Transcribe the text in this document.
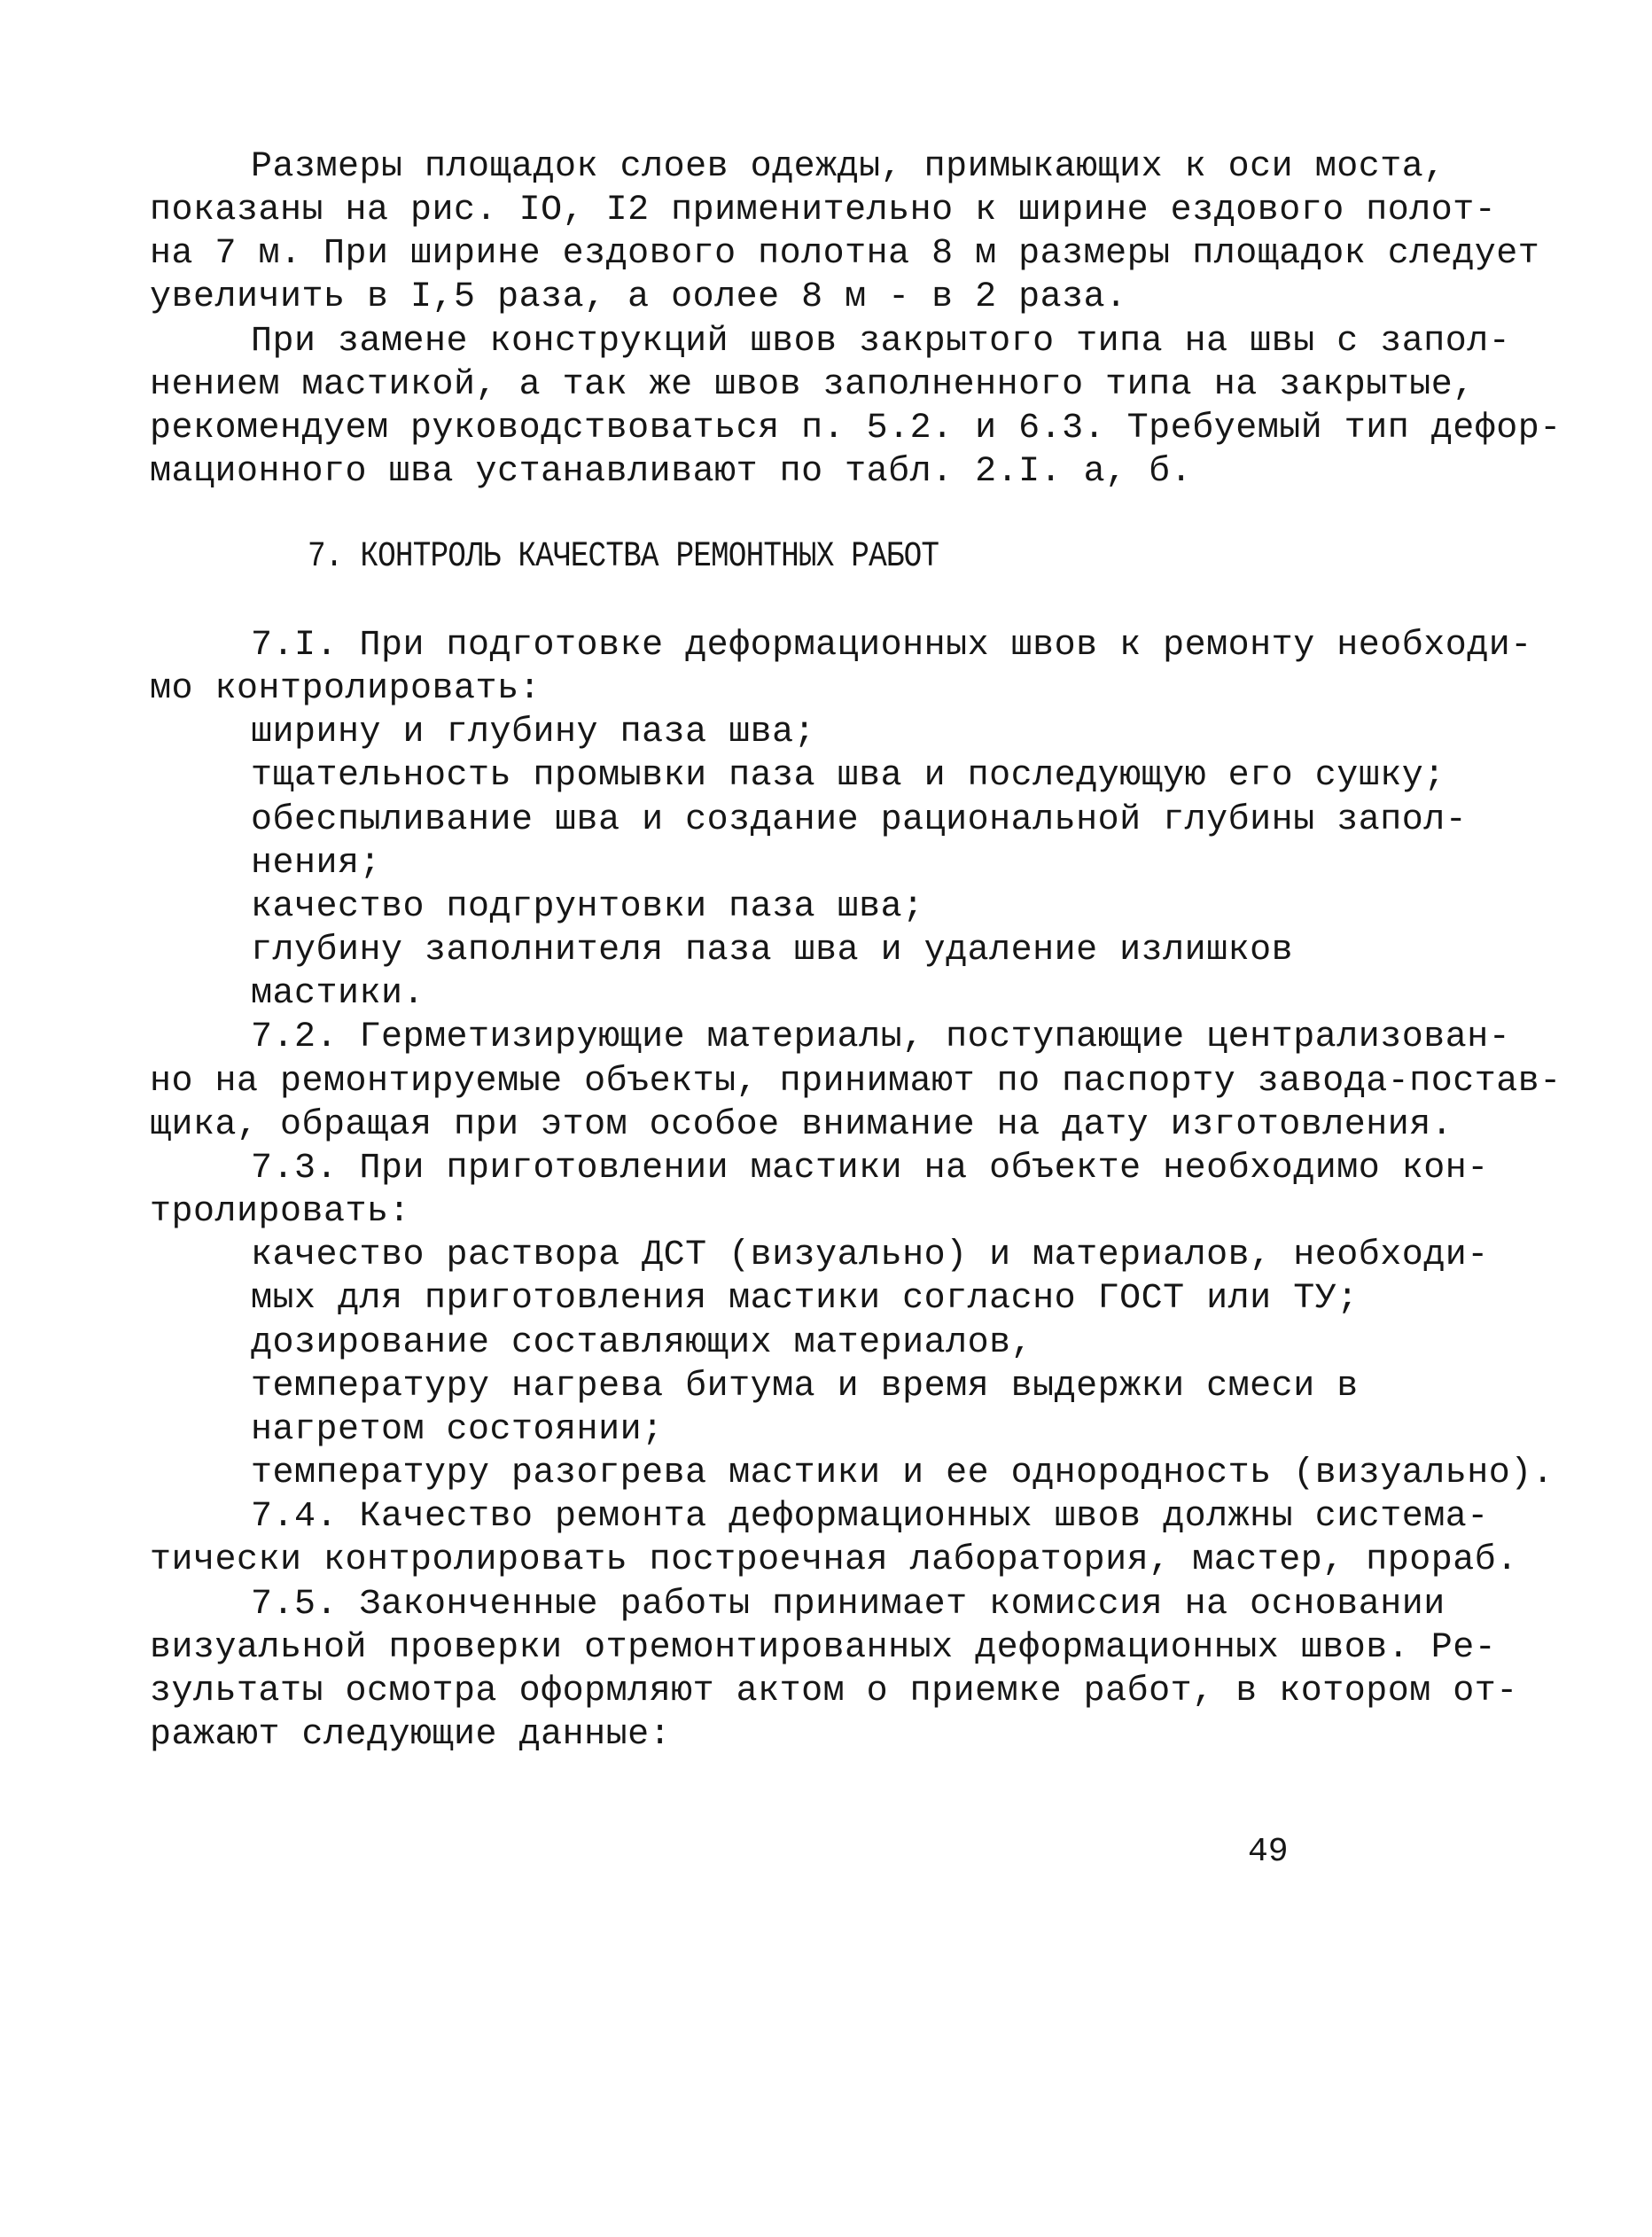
Размеры площадок слоев одежды, примыкающих к оси моста,

показаны на рис. IO, I2 применительно к ширине ездового полот-

на 7 м. При ширине ездового полотна 8 м размеры площадок следует

увеличить в I,5 раза, а оолее 8 м - в 2 раза.

При замене конструкций швов закрытого типа на швы с запол-

нением мастикой, а так же швов заполненного типа на закрытые,

рекомендуем руководствоваться п. 5.2. и 6.3. Требуемый тип дефор-

мационного шва устанавливают по табл. 2.I. а, б.

7. КОНТРОЛЬ КАЧЕСТВА РЕМОНТНЫХ РАБОТ

7.I. При подготовке деформационных швов к ремонту необходи-

мо контролировать:

ширину и глубину паза шва;

тщательность промывки паза шва и последующую его сушку;

обеспыливание шва и создание рациональной глубины запол-

нения;

качество подгрунтовки паза шва;

глубину заполнителя паза шва и удаление излишков

мастики.

7.2. Герметизирующие материалы, поступающие централизован-

но на ремонтируемые объекты, принимают по паспорту завода-постав-

щика, обращая при этом особое внимание на дату изготовления.

7.3. При приготовлении мастики на объекте необходимо кон-

тролировать:

качество раствора ДСТ (визуально) и материалов, необходи-

мых для приготовления мастики согласно ГОСТ или ТУ;

дозирование составляющих материалов,

температуру нагрева битума и время выдержки смеси в

нагретом состоянии;

температуру разогрева мастики и ее однородность (визуально).

7.4. Качество ремонта деформационных швов должны система-

тически контролировать построечная лаборатория, мастер, прораб.

7.5. Законченные работы принимает комиссия на основании

визуальной проверки отремонтированных деформационных швов. Ре-

зультаты осмотра оформляют актом о приемке работ, в котором от-

ражают следующие данные:

49
